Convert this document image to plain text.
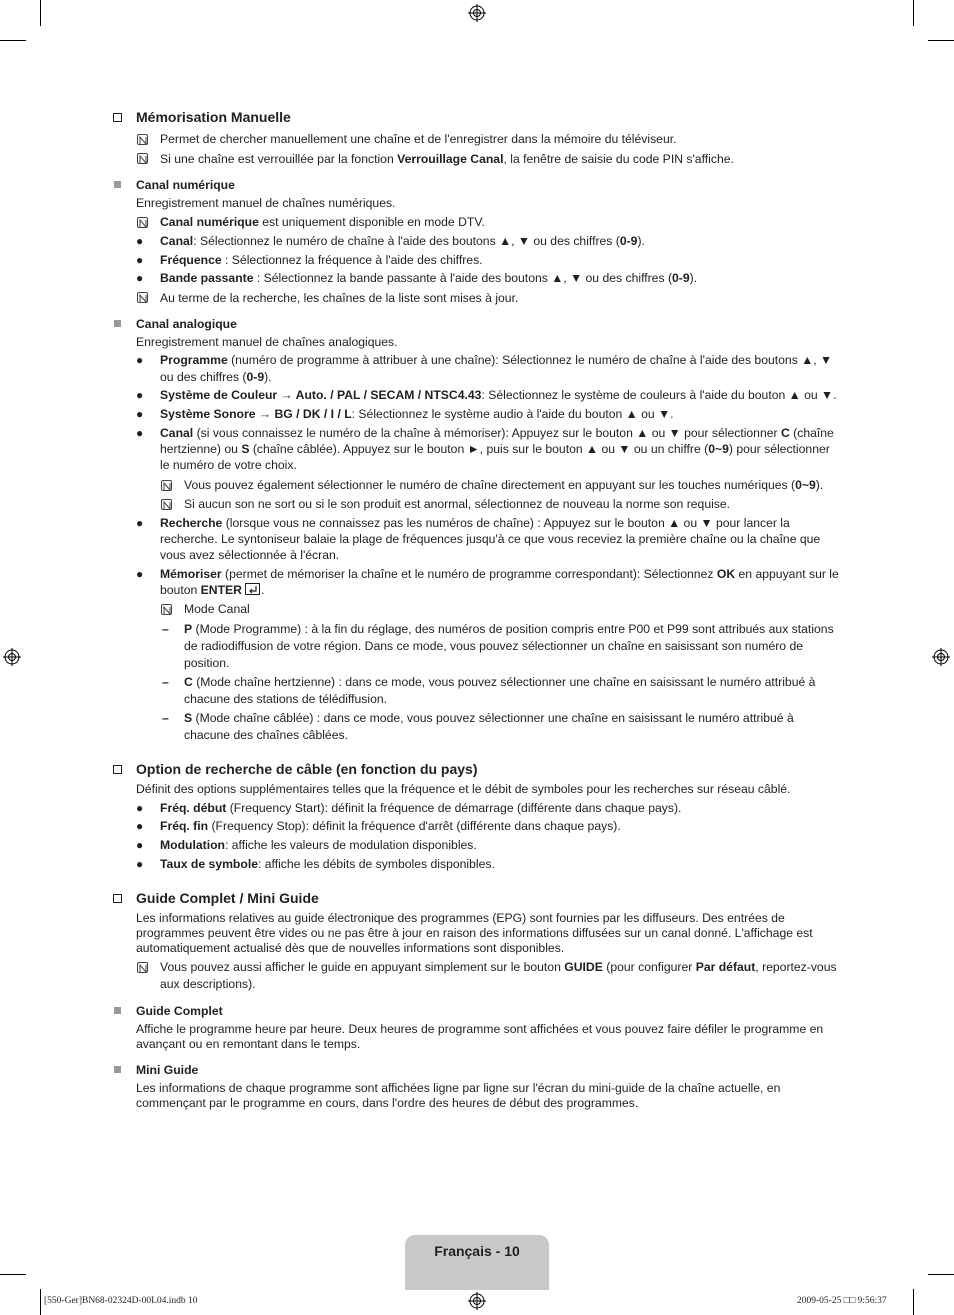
Mémorisation Manuelle
Permet de chercher manuellement une chaîne et de l'enregistrer dans la mémoire du téléviseur.
Si une chaîne est verrouillée par la fonction Verrouillage Canal, la fenêtre de saisie du code PIN s'affiche.
Canal numérique
Enregistrement manuel de chaînes numériques.
Canal numérique est uniquement disponible en mode DTV.
● Canal: Sélectionnez le numéro de chaîne à l'aide des boutons ▲, ▼ ou des chiffres (0-9).
● Fréquence : Sélectionnez la fréquence à l'aide des chiffres.
● Bande passante : Sélectionnez la bande passante à l'aide des boutons ▲, ▼ ou des chiffres (0-9).
Au terme de la recherche, les chaînes de la liste sont mises à jour.
Canal analogique
Enregistrement manuel de chaînes analogiques.
● Programme (numéro de programme à attribuer à une chaîne): Sélectionnez le numéro de chaîne à l'aide des boutons ▲, ▼
ou des chiffres (0-9).
● Système de Couleur → Auto. / PAL / SECAM / NTSC4.43: Sélectionnez le système de couleurs à l'aide du bouton ▲ ou ▼.
● Système Sonore → BG / DK / I / L: Sélectionnez le système audio à l'aide du bouton ▲ ou ▼.
● Canal (si vous connaissez le numéro de la chaîne à mémoriser): Appuyez sur le bouton ▲ ou ▼ pour sélectionner C (chaîne
hertzienne) ou S (chaîne câblée). Appuyez sur le bouton ►, puis sur le bouton ▲ ou ▼ ou un chiffre (0~9) pour sélectionner
le numéro de votre choix.
Vous pouvez également sélectionner le numéro de chaîne directement en appuyant sur les touches numériques (0~9).
Si aucun son ne sort ou si le son produit est anormal, sélectionnez de nouveau la norme son requise.
● Recherche (lorsque vous ne connaissez pas les numéros de chaîne) : Appuyez sur le bouton ▲ ou ▼ pour lancer la
recherche. Le syntoniseur balaie la plage de fréquences jusqu'à ce que vous receviez la première chaîne ou la chaîne que
vous avez sélectionnée à l'écran.
● Mémoriser (permet de mémoriser la chaîne et le numéro de programme correspondant): Sélectionnez OK en appuyant sur le
bouton ENTER .
Mode Canal
– P (Mode Programme) : à la fin du réglage, des numéros de position compris entre P00 et P99 sont attribués aux stations
de radiodiffusion de votre région. Dans ce mode, vous pouvez sélectionner un chaîne en saisissant son numéro de
position.
– C (Mode chaîne hertzienne) : dans ce mode, vous pouvez sélectionner une chaîne en saisissant le numéro attribué à
chacune des stations de télédiffusion.
– S (Mode chaîne câblée) : dans ce mode, vous pouvez sélectionner une chaîne en saisissant le numéro attribué à
chacune des chaînes câblées.
Option de recherche de câble (en fonction du pays)
Définit des options supplémentaires telles que la fréquence et le débit de symboles pour les recherches sur réseau câblé.
● Fréq. début (Frequency Start): définit la fréquence de démarrage (différente dans chaque pays).
● Fréq. fin (Frequency Stop): définit la fréquence d'arrêt (différente dans chaque pays).
● Modulation: affiche les valeurs de modulation disponibles.
● Taux de symbole: affiche les débits de symboles disponibles.
Guide Complet / Mini Guide
Les informations relatives au guide électronique des programmes (EPG) sont fournies par les diffuseurs. Des entrées de
programmes peuvent être vides ou ne pas être à jour en raison des informations diffusées sur un canal donné. L'affichage est
automatiquement actualisé dès que de nouvelles informations sont disponibles.
Vous pouvez aussi afficher le guide en appuyant simplement sur le bouton GUIDE (pour configurer Par défaut, reportez-vous
aux descriptions).
Guide Complet
Affiche le programme heure par heure. Deux heures de programme sont affichées et vous pouvez faire défiler le programme en
avançant ou en remontant dans le temps.
Mini Guide
Les informations de chaque programme sont affichées ligne par ligne sur l'écran du mini-guide de la chaîne actuelle, en
commençant par le programme en cours, dans l'ordre des heures de début des programmes.
Français - 10
[550-Ger]BN68-02324D-00L04.indb 10	2009-05-25 □□ 9:56:37
